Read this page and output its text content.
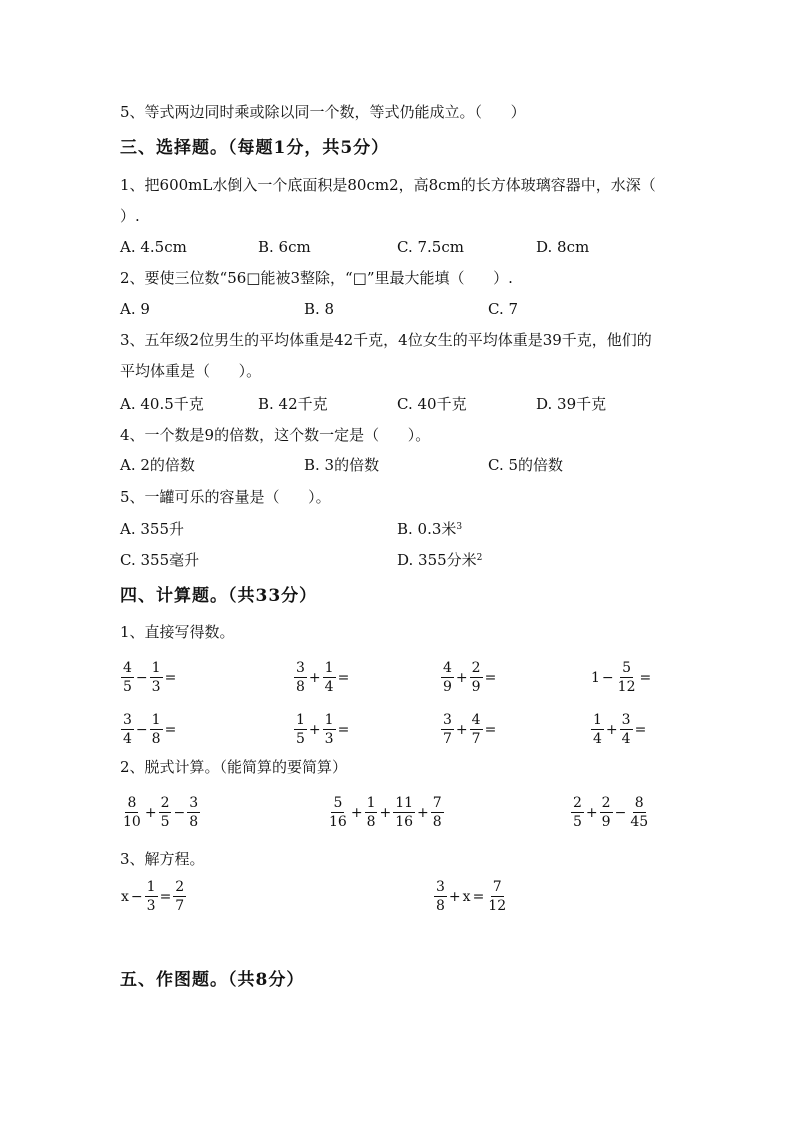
5、等式两边同时乘或除以同一个数，等式仍能成立。（      ）
三、选择题。（每题1分，共5分）
1、把600mL水倒入一个底面积是80cm2，高8cm的长方体玻璃容器中，水深（
）.
A. 4.5cm	B. 6cm	C. 7.5cm	D. 8cm
2、要使三位数“56□能被3整除，“□”里最大能填（      ）.
A. 9	B. 8	C. 7
3、五年级2位男生的平均体重是42千克，4位女生的平均体重是39千克，他们的
平均体重是（      ）。
A. 40.5千克	B. 42千克	C. 40千克	D. 39千克
4、一个数是9的倍数，这个数一定是（      ）。
A. 2的倍数	B. 3的倍数	C. 5的倍数
5、一罐可乐的容量是（      ）。
A. 355升	B. 0.3米$^3$
C. 355毫升	D. 355分米$^2$
四、计算题。（共33分）
1、直接写得数。
$\frac{4}{5} - \frac{1}{3}$ =	$\frac{3}{8} + \frac{1}{4}$ =	$\frac{4}{9} + \frac{2}{9}$ =	$1 - \frac{5}{12}$ =
$\frac{3}{4} - \frac{1}{8}$ =	$\frac{1}{5} + \frac{1}{3}$ =	$\frac{3}{7} + \frac{4}{7}$ =	$\frac{1}{4} + \frac{3}{4}$ =
2、脱式计算。（能简算的要简算）
$\frac{8}{10} + \frac{2}{5} - \frac{3}{8}$	$\frac{5}{16} + \frac{1}{8} + \frac{11}{16} + \frac{7}{8}$	$\frac{2}{5} + \frac{2}{9} - \frac{8}{45}$
3、解方程。
$x - \frac{1}{3} = \frac{2}{7}$	$\frac{3}{8} + x = \frac{7}{12}$
五、作图题。（共8分）
